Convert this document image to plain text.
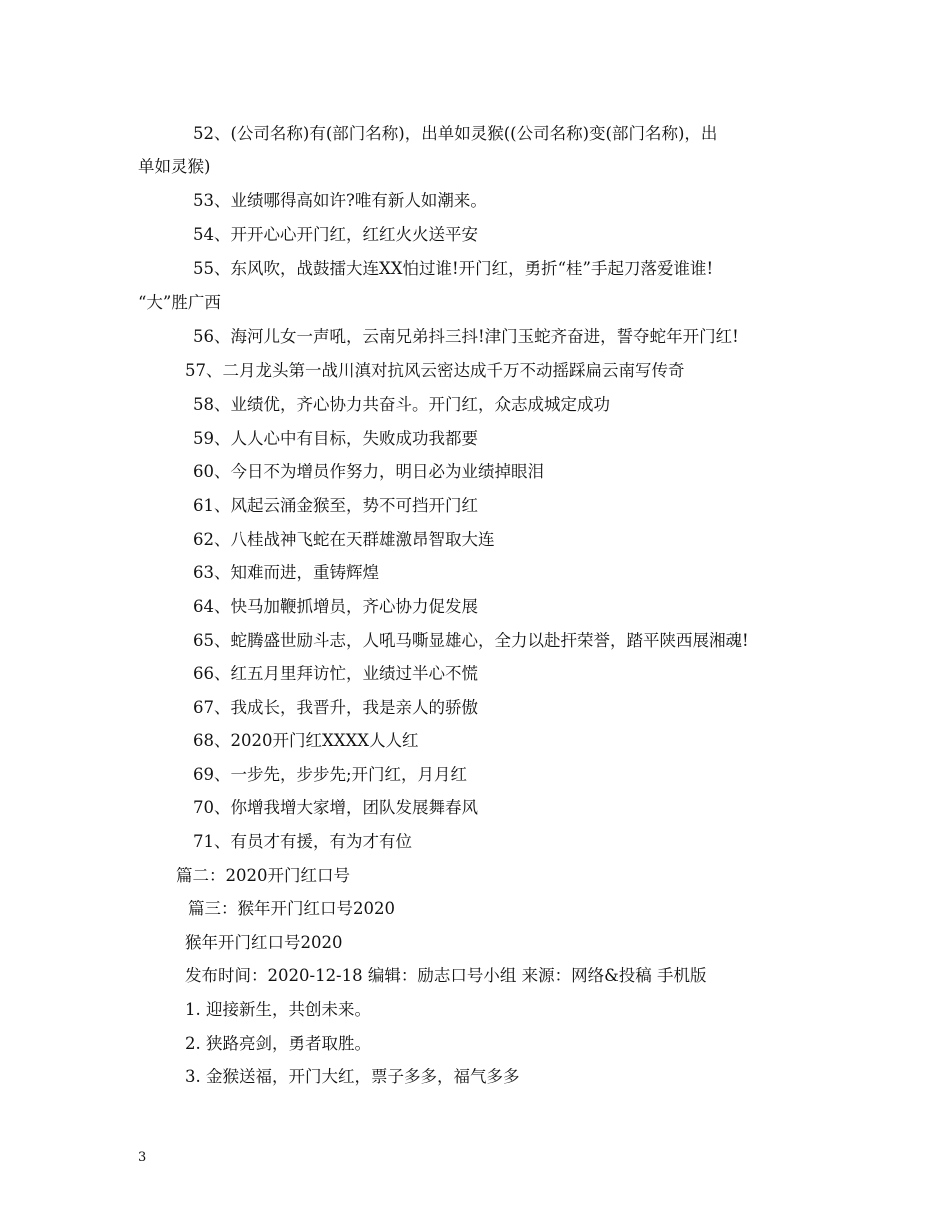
52、(公司名称)有(部门名称)，出单如灵猴((公司名称)变(部门名称)，出
单如灵猴)
53、业绩哪得高如许?唯有新人如潮来。
54、开开心心开门红，红红火火送平安
55、东风吹，战鼓擂大连XX怕过谁!开门红，勇折“桂”手起刀落爱谁谁!
“大”胜广西
56、海河儿女一声吼，云南兄弟抖三抖!津门玉蛇齐奋进，誓夺蛇年开门红!
57、二月龙头第一战川滇对抗风云密达成千万不动摇踩扁云南写传奇
58、业绩优，齐心协力共奋斗。开门红，众志成城定成功
59、人人心中有目标，失败成功我都要
60、今日不为增员作努力，明日必为业绩掉眼泪
61、风起云涌金猴至，势不可挡开门红
62、八桂战神飞蛇在天群雄激昂智取大连
63、知难而进，重铸辉煌
64、快马加鞭抓增员，齐心协力促发展
65、蛇腾盛世励斗志，人吼马嘶显雄心，全力以赴扞荣誉，踏平陕西展湘魂!
66、红五月里拜访忙，业绩过半心不慌
67、我成长，我晋升，我是亲人的骄傲
68、2020开门红XXXX人人红
69、一步先，步步先;开门红，月月红
70、你增我增大家增，团队发展舞春风
71、有员才有援，有为才有位
篇二：2020开门红口号
篇三：猴年开门红口号2020
猴年开门红口号2020
发布时间：2020-12-18 编辑：励志口号小组 来源：网络&投稿 手机版
1. 迎接新生，共创未来。
2. 狭路亮剑，勇者取胜。
3. 金猴送福，开门大红，票子多多，福气多多
3
